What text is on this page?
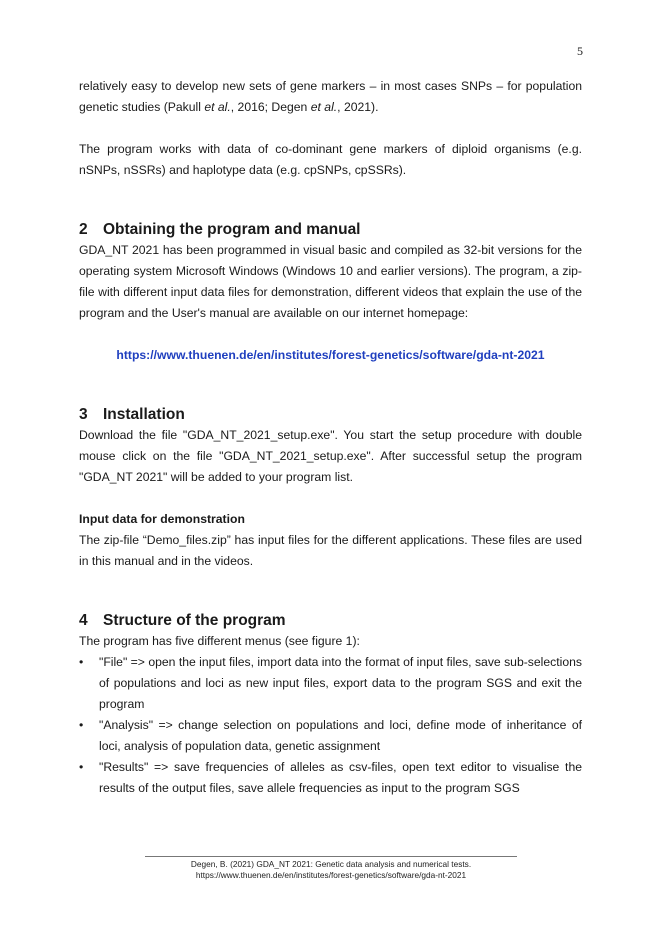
5

relatively easy to develop new sets of gene markers – in most cases SNPs – for population genetic studies (Pakull et al., 2016; Degen et al., 2021).

The program works with data of co-dominant gene markers of diploid organisms (e.g. nSNPs, nSSRs) and haplotype data (e.g. cpSNPs, cpSSRs).

2 Obtaining the program and manual

GDA_NT 2021 has been programmed in visual basic and compiled as 32-bit versions for the operating system Microsoft Windows (Windows 10 and earlier versions). The program, a zip-file with different input data files for demonstration, different videos that explain the use of the program and the User's manual are available on our internet homepage:

https://www.thuenen.de/en/institutes/forest-genetics/software/gda-nt-2021
3 Installation

Download the file "GDA_NT_2021_setup.exe". You start the setup procedure with double mouse click on the file "GDA_NT_2021_setup.exe". After successful setup the program "GDA_NT 2021" will be added to your program list.

Input data for demonstration

The zip-file “Demo_files.zip” has input files for the different applications. These files are used in this manual and in the videos.

4 Structure of the program

The program has five different menus (see figure 1):

•	"File" => open the input files, import data into the format of input files, save sub-selections of populations and loci as new input files, export data to the program SGS and exit the program
•	"Analysis" => change selection on populations and loci, define mode of inheritance of loci, analysis of population data, genetic assignment
•	"Results" => save frequencies of alleles as csv-files, open text editor to visualise the results of the output files, save allele frequencies as input to the program SGS
Degen, B. (2021) GDA_NT 2021: Genetic data analysis and numerical tests.
https://www.thuenen.de/en/institutes/forest-genetics/software/gda-nt-2021
